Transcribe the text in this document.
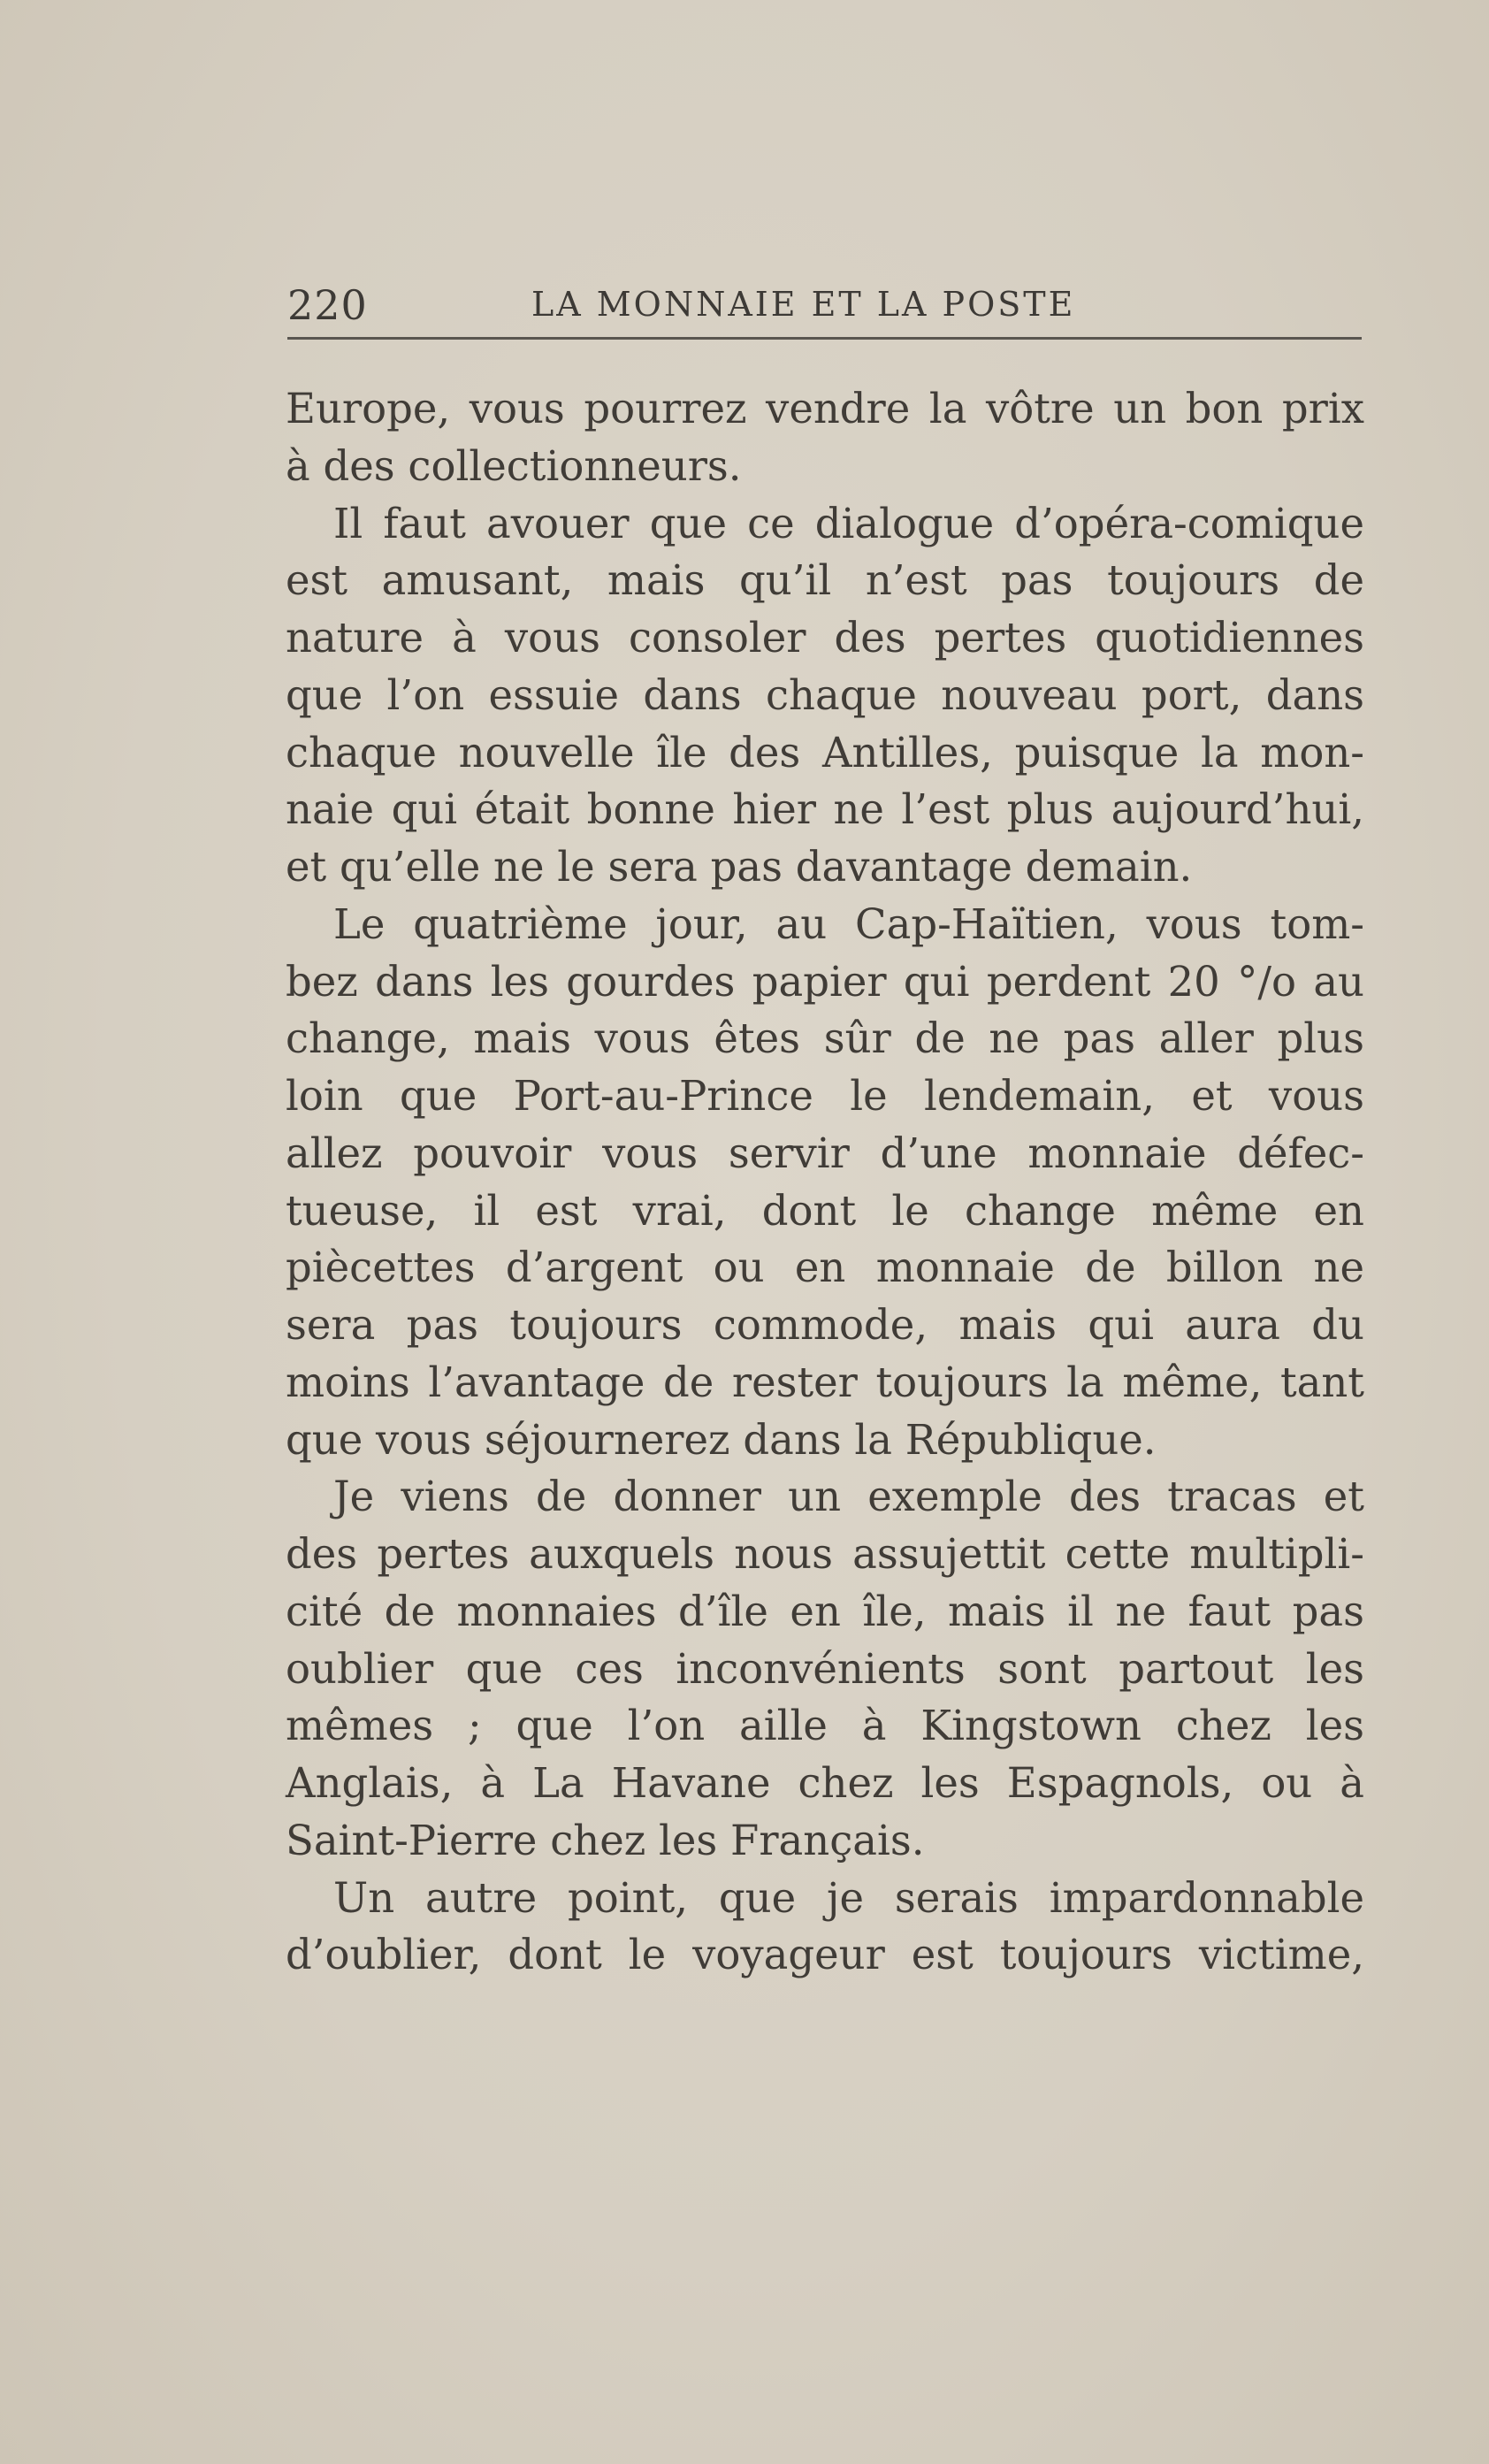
220	LA MONNAIE ET LA POSTE
Europe, vous pourrez vendre la vôtre un bon prix
à des collectionneurs.
Il faut avouer que ce dialogue d’opéra-comique
est amusant, mais qu’il n’est pas toujours de
nature à vous consoler des pertes quotidiennes
que l’on essuie dans chaque nouveau port, dans
chaque nouvelle île des Antilles, puisque la mon-
naie qui était bonne hier ne l’est plus aujourd’hui,
et qu’elle ne le sera pas davantage demain.
Le quatrième jour, au Cap-Haïtien, vous tom-
bez dans les gourdes papier qui perdent 20 °/o au
change, mais vous êtes sûr de ne pas aller plus
loin que Port-au-Prince le lendemain, et vous
allez pouvoir vous servir d’une monnaie défec-
tueuse, il est vrai, dont le change même en
piècettes d’argent ou en monnaie de billon ne
sera pas toujours commode, mais qui aura du
moins l’avantage de rester toujours la même, tant
que vous séjournerez dans la République.
Je viens de donner un exemple des tracas et
des pertes auxquels nous assujettit cette multipli-
cité de monnaies d’île en île, mais il ne faut pas
oublier que ces inconvénients sont partout les
mêmes ; que l’on aille à Kingstown chez les
Anglais, à La Havane chez les Espagnols, ou à
Saint-Pierre chez les Français.
Un autre point, que je serais impardonnable
d’oublier, dont le voyageur est toujours victime,
